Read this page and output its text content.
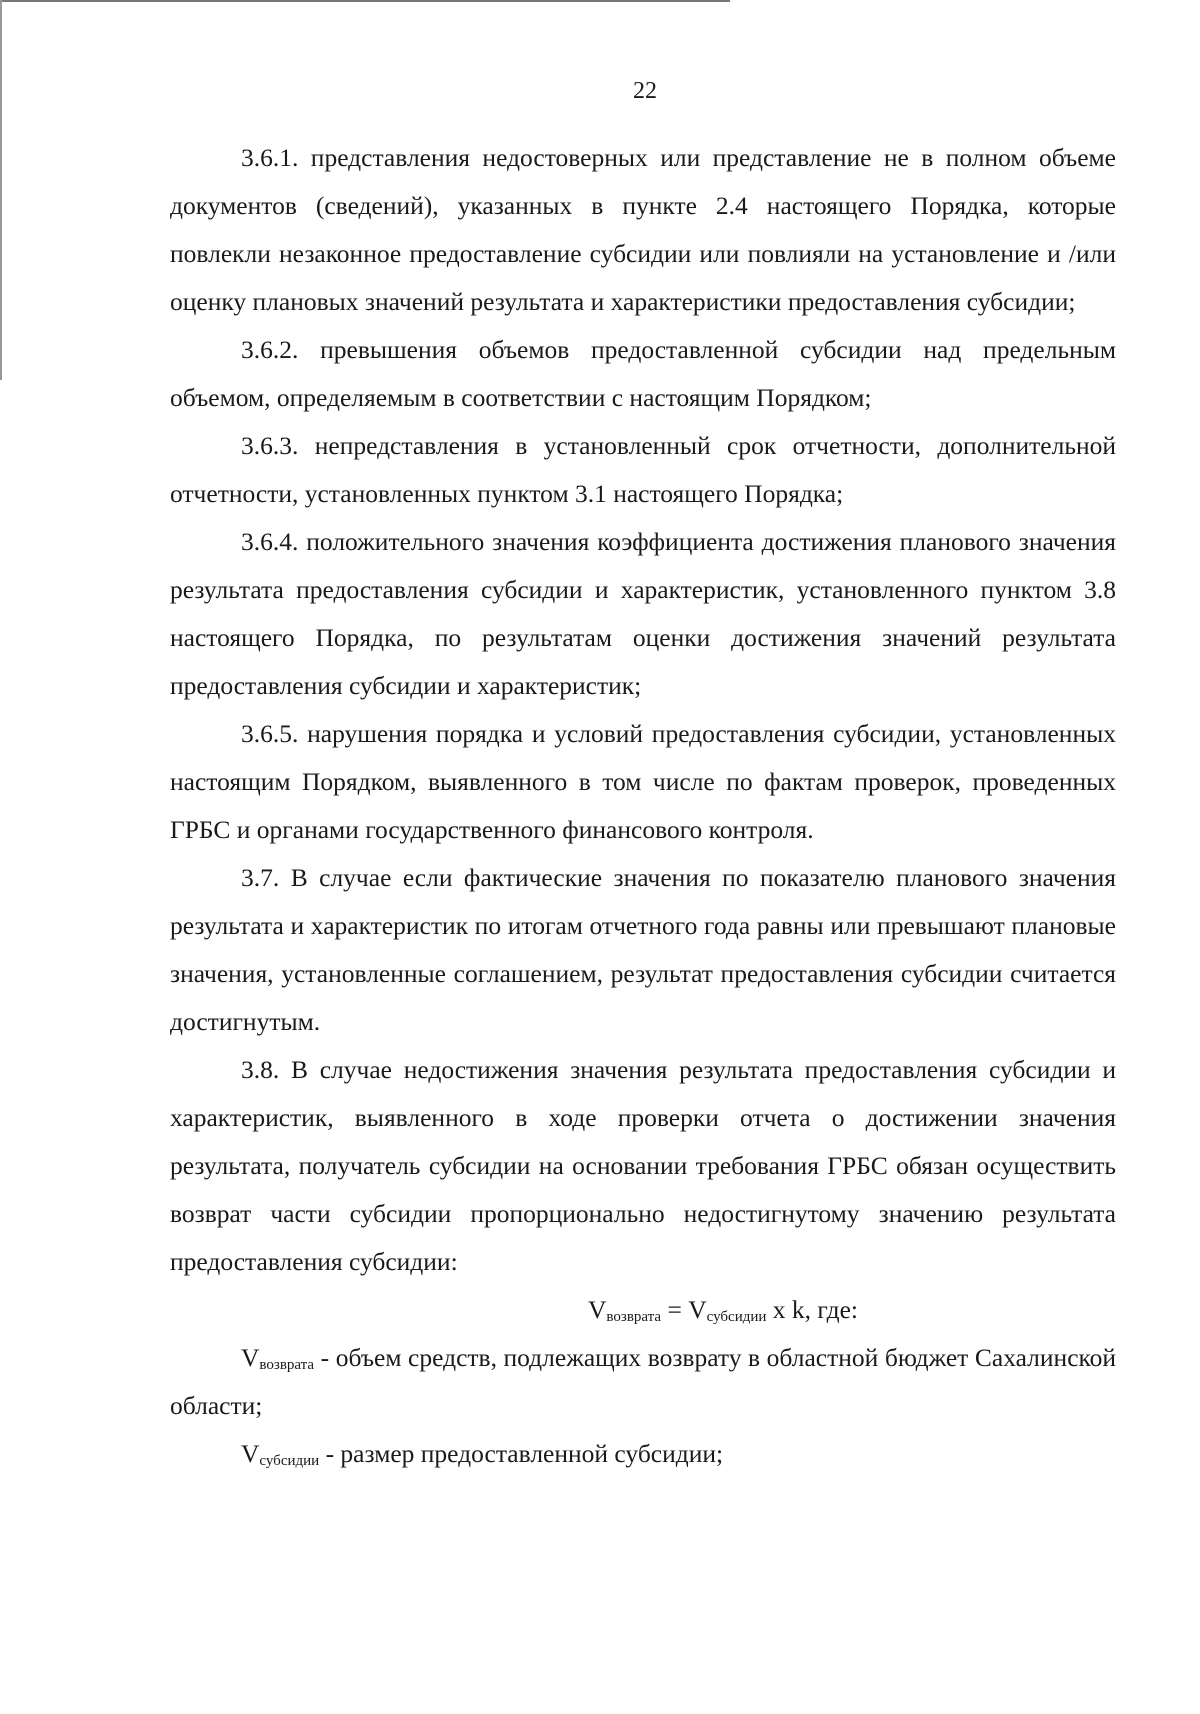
22

3.6.1. представления недостоверных или представление не в полном объеме документов (сведений), указанных в пункте 2.4 настоящего Порядка, которые повлекли незаконное предоставление субсидии или повлияли на установление и /или оценку плановых значений результата и характеристики предоставления субсидии;

3.6.2. превышения объемов предоставленной субсидии над предельным объемом, определяемым в соответствии с настоящим Порядком;

3.6.3. непредставления в установленный срок отчетности, дополнительной отчетности, установленных пунктом 3.1 настоящего Порядка;

3.6.4. положительного значения коэффициента достижения планового значения результата предоставления субсидии и характеристик, установленного пунктом 3.8 настоящего Порядка, по результатам оценки достижения значений результата предоставления субсидии и характеристик;

3.6.5. нарушения порядка и условий предоставления субсидии, установленных настоящим Порядком, выявленного в том числе по фактам проверок, проведенных ГРБС и органами государственного финансового контроля.

3.7. В случае если фактические значения по показателю планового значения результата и характеристик по итогам отчетного года равны или превышают плановые значения, установленные соглашением, результат предоставления субсидии считается достигнутым.

3.8. В случае недостижения значения результата предоставления субсидии и характеристик, выявленного в ходе проверки отчета о достижении значения результата, получатель субсидии на основании требования ГРБС обязан осуществить возврат части субсидии пропорционально недостигнутому значению результата предоставления субсидии:

$V_{возврата} = V_{субсидии}$ x k, где:

$V_{возврата}$ - объем средств, подлежащих возврату в областной бюджет Сахалинской области;

$V_{субсидии}$ - размер предоставленной субсидии;
